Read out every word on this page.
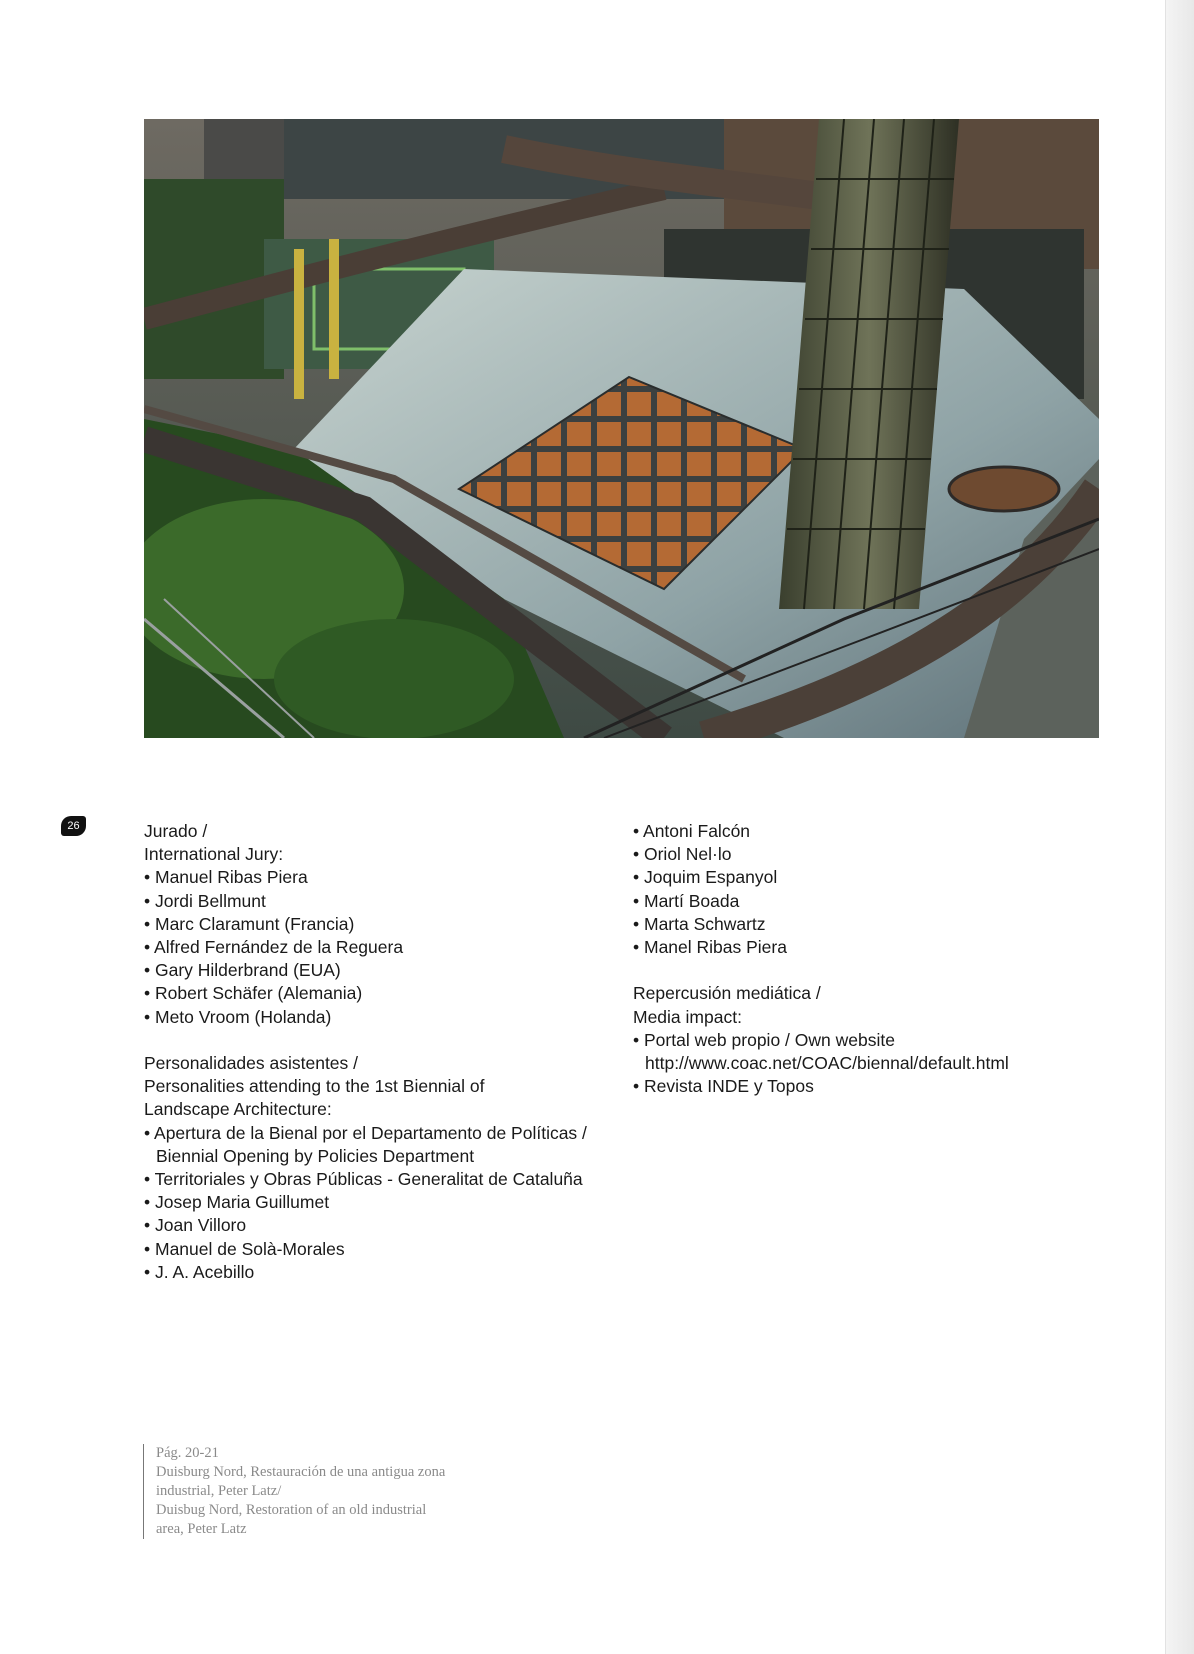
26	Jurado /
International Jury:
• Manuel Ribas Piera
• Jordi Bellmunt
• Marc Claramunt (Francia)
• Alfred Fernández de la Reguera
• Gary Hilderbrand (EUA)
• Robert Schäfer (Alemania)
• Meto Vroom (Holanda)
Personalidades asistentes /
Personalities attending to the 1st Biennial of
Landscape Architecture:
• Apertura de la Bienal por el Departamento de Políticas /
Biennial Opening by Policies Department
• Territoriales y Obras Públicas - Generalitat de Cataluña
• Josep Maria Guillumet
• Joan Villoro
• Manuel de Solà-Morales
• J. A. Acebillo
• Antoni Falcón
• Oriol Nel·lo
• Joquim Espanyol
• Martí Boada
• Marta Schwartz
• Manel Ribas Piera
Repercusión mediática /
Media impact:
• Portal web propio / Own website
http://www.coac.net/COAC/biennal/default.html
• Revista INDE y Topos
Pág. 20-21
Duisburg Nord, Restauración de una antigua zona
industrial, Peter Latz/
Duisbug Nord, Restoration of an old industrial
area, Peter Latz
